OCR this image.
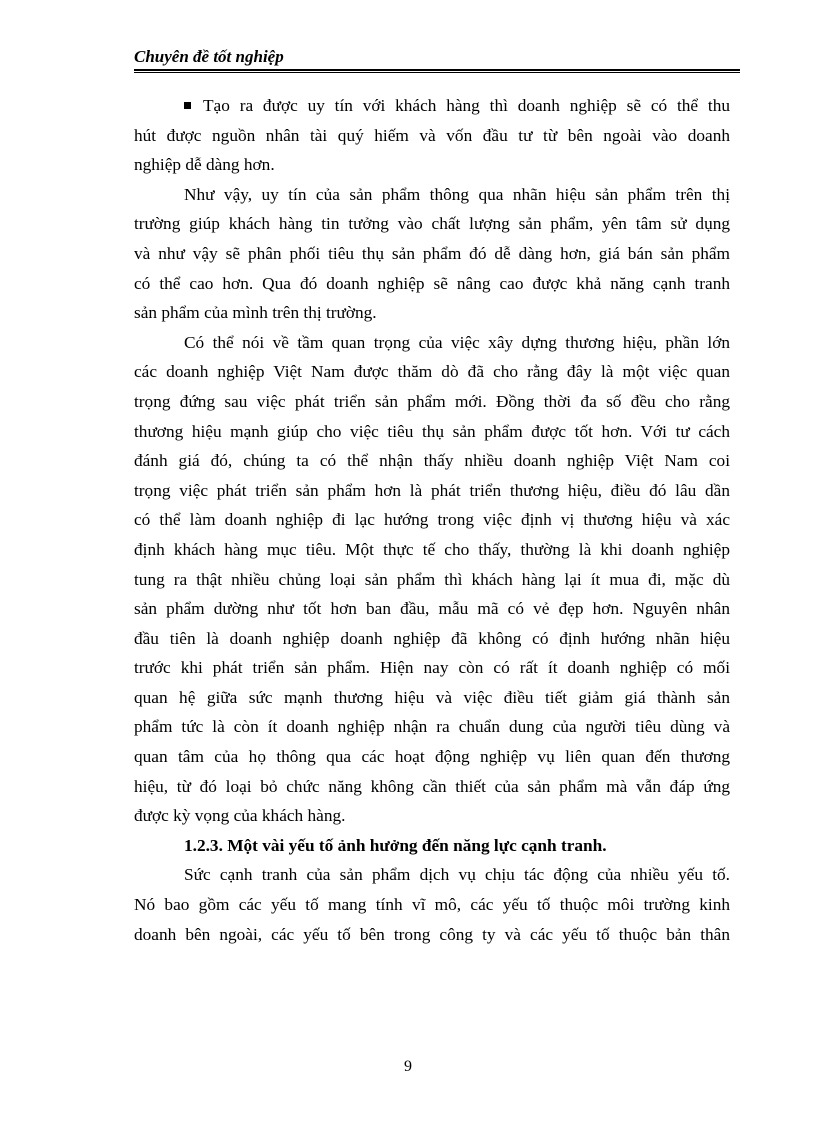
Chuyên đề tốt nghiệp
Tạo ra được uy tín với khách hàng thì doanh nghiệp sẽ có thể thu
hút được nguồn nhân tài quý hiếm và vốn đầu tư từ bên ngoài vào doanh
nghiệp dễ dàng hơn.
Như vậy, uy tín của sản phẩm thông qua nhãn hiệu sản phẩm trên thị
trường giúp khách hàng tin tưởng vào chất lượng sản phẩm, yên tâm sử dụng
và như vậy sẽ phân phối tiêu thụ sản phẩm đó dễ dàng hơn, giá bán sản phẩm
có thể cao hơn. Qua đó doanh nghiệp sẽ nâng cao được khả năng cạnh tranh
sản phẩm của mình trên thị trường.
Có thể nói về tầm quan trọng của việc xây dựng thương hiệu, phần lớn
các doanh nghiệp Việt Nam được thăm dò đã cho rằng đây là một việc quan
trọng đứng sau việc phát triển sản phẩm mới. Đồng thời đa số đều cho rằng
thương hiệu mạnh giúp cho việc tiêu thụ sản phẩm được tốt hơn. Với tư cách
đánh giá đó, chúng ta có thể nhận thấy nhiều doanh nghiệp Việt Nam coi
trọng việc phát triển sản phẩm hơn là phát triển thương hiệu, điều đó lâu dần
có thể làm doanh nghiệp đi lạc hướng trong việc định vị thương hiệu và xác
định khách hàng mục tiêu. Một thực tế cho thấy, thường là khi doanh nghiệp
tung ra thật nhiều chủng loại sản phẩm thì khách hàng lại ít mua đi, mặc dù
sản phẩm dường như tốt hơn ban đầu, mẫu mã có vẻ đẹp hơn. Nguyên nhân
đầu tiên là doanh nghiệp doanh nghiệp đã không có định hướng nhãn hiệu
trước khi phát triển sản phẩm. Hiện nay còn có rất ít doanh nghiệp có mối
quan hệ giữa sức mạnh thương hiệu và việc điều tiết giảm giá thành sản
phẩm tức là còn ít doanh nghiệp nhận ra chuẩn dung của người tiêu dùng và
quan tâm của họ thông qua các hoạt động nghiệp vụ liên quan đến thương
hiệu, từ đó loại bỏ chức năng không cần thiết của sản phẩm mà vẫn đáp ứng
được kỳ vọng của khách hàng.
1.2.3. Một vài yếu tố ảnh hưởng đến năng lực cạnh tranh.
Sức cạnh tranh của sản phẩm dịch vụ chịu tác động của nhiều yếu tố.
Nó bao gồm các yếu tố mang tính vĩ mô, các yếu tố thuộc môi trường kinh
doanh bên ngoài, các yếu tố bên trong công ty và các yếu tố thuộc bản thân
9
